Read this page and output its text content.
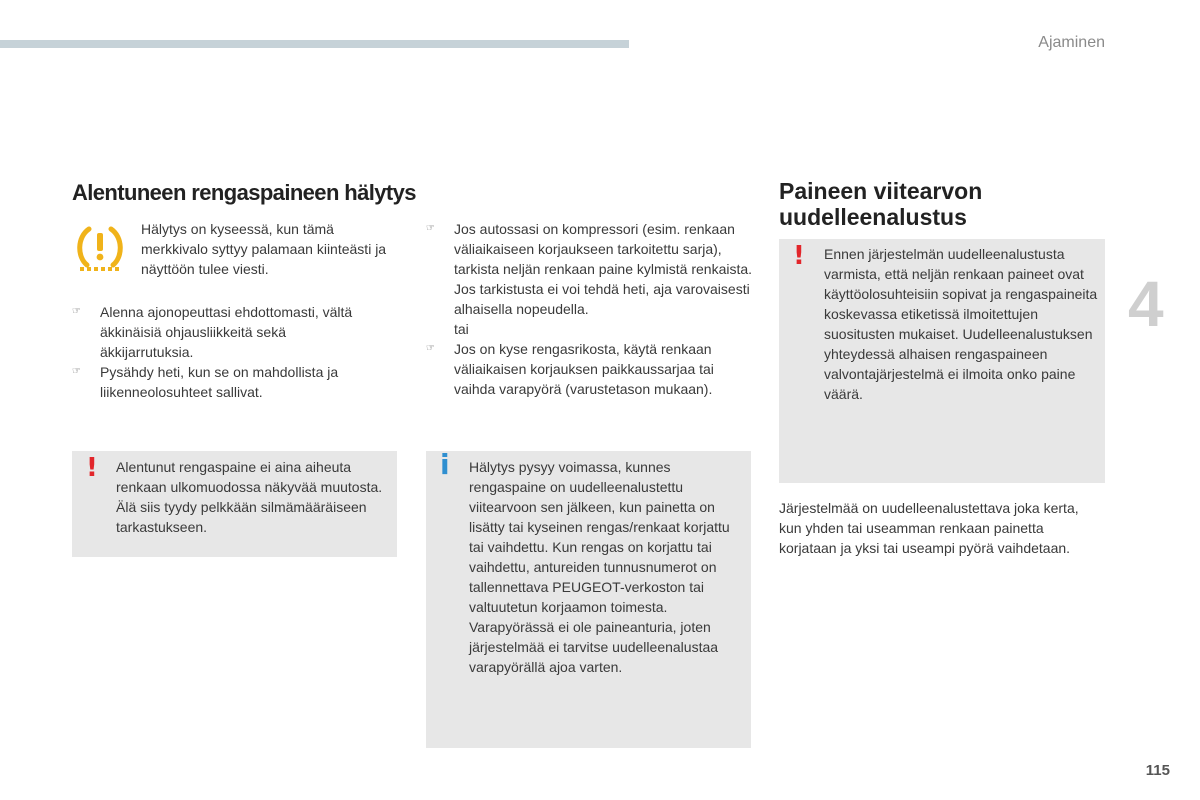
Ajaminen
4
115
Alentuneen rengaspaineen hälytys
Hälytys on kyseessä, kun tämä merkkivalo syttyy palamaan kiinteästi ja näyttöön tulee viesti.
☞ Alenna ajonopeuttasi ehdottomasti, vältä äkkinäisiä ohjausliikkeitä sekä äkkijarrutuksia.
☞ Pysähdy heti, kun se on mahdollista ja liikenneolosuhteet sallivat.
! Alentunut rengaspaine ei aina aiheuta renkaan ulkomuodossa näkyvää muutosta. Älä siis tyydy pelkkään silmämääräiseen tarkastukseen.
☞ Jos autossasi on kompressori (esim. renkaan väliaikaiseen korjaukseen tarkoitettu sarja), tarkista neljän renkaan paine kylmistä renkaista.
Jos tarkistusta ei voi tehdä heti, aja varovaisesti alhaisella nopeudella.
tai
☞ Jos on kyse rengasrikosta, käytä renkaan väliaikaisen korjauksen paikkaussarjaa tai vaihda varapyörä (varustetason mukaan).
i Hälytys pysyy voimassa, kunnes rengaspaine on uudelleenalustettu viitearvoon sen jälkeen, kun painetta on lisätty tai kyseinen rengas/renkaat korjattu tai vaihdettu. Kun rengas on korjattu tai vaihdettu, antureiden tunnusnumerot on tallennettava PEUGEOT-verkoston tai valtuutetun korjaamon toimesta.

Varapyörässä ei ole paineanturia, joten järjestelmää ei tarvitse uudelleenalustaa varapyörällä ajoa varten.

Paineen viitearvon uudelleenalustus
! Ennen järjestelmän uudelleenalustusta varmista, että neljän renkaan paineet ovat käyttöolosuhteisiin sopivat ja rengaspaineita koskevassa etiketissä ilmoitettujen suositusten mukaiset. Uudelleenalustuksen yhteydessä alhaisen rengaspaineen valvontajärjestelmä ei ilmoita onko paine väärä.
Järjestelmää on uudelleenalustettava joka kerta, kun yhden tai useamman renkaan painetta korjataan ja yksi tai useampi pyörä vaihdetaan.
